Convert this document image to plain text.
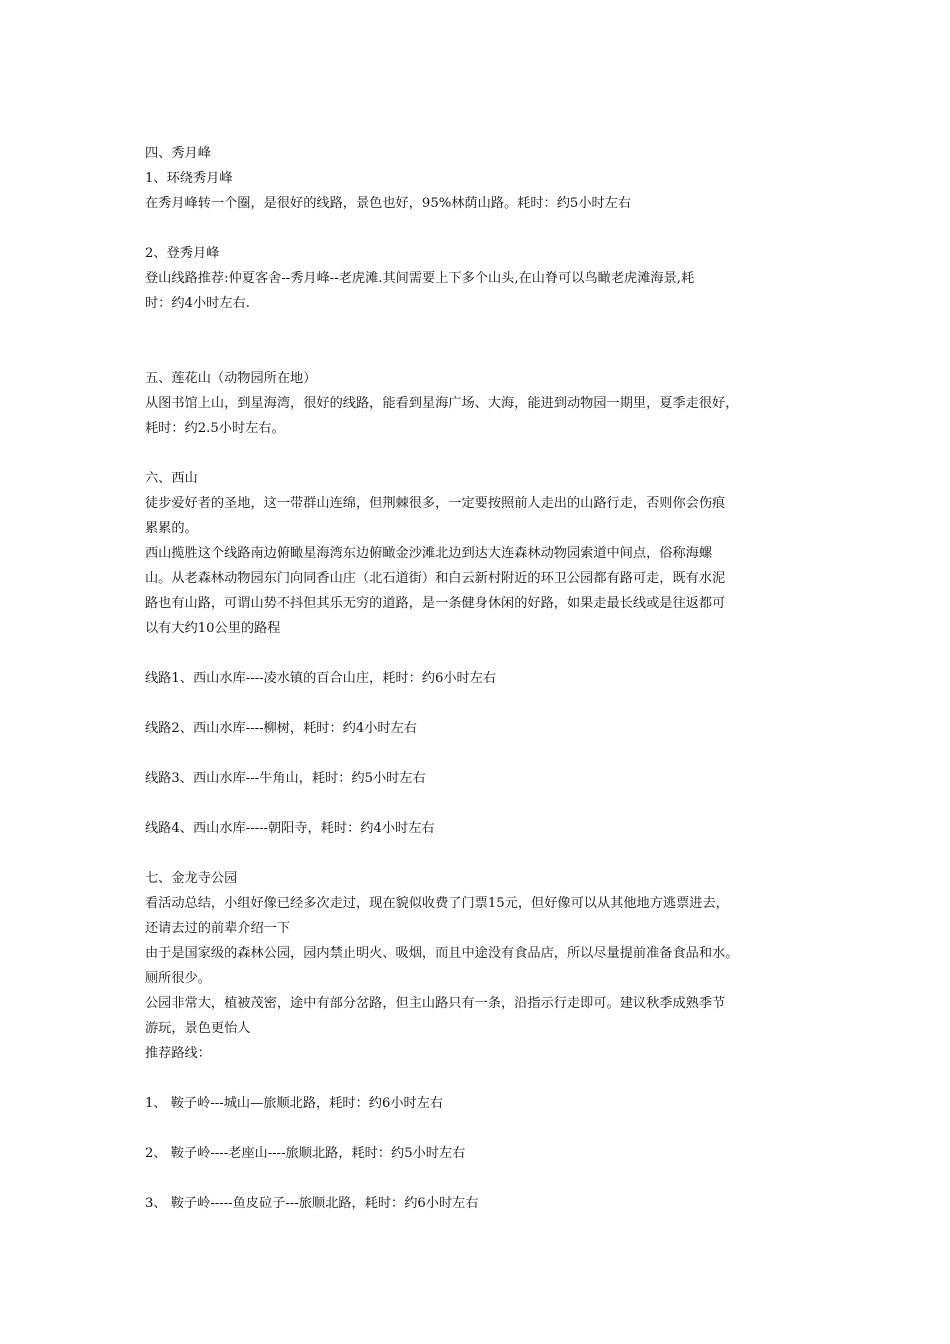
四、秀月峰
1、环绕秀月峰
在秀月峰转一个圈，是很好的线路，景色也好，95%林荫山路。耗时：约5小时左右
2、登秀月峰
登山线路推荐:仲夏客舍--秀月峰--老虎滩.其间需要上下多个山头,在山脊可以鸟瞰老虎滩海景,耗
时：约4小时左右.
五、莲花山（动物园所在地）
从图书馆上山，到星海湾，很好的线路，能看到星海广场、大海，能进到动物园一期里，夏季走很好，
耗时：约2.5小时左右。
六、西山
徒步爱好者的圣地，这一带群山连绵，但荆棘很多，一定要按照前人走出的山路行走，否则你会伤痕
累累的。
西山揽胜这个线路南边俯瞰星海湾东边俯瞰金沙滩北边到达大连森林动物园索道中间点，俗称海螺
山。从老森林动物园东门向同香山庄（北石道街）和白云新村附近的环卫公园都有路可走，既有水泥
路也有山路，可谓山势不抖但其乐无穷的道路，是一条健身休闲的好路，如果走最长线或是往返都可
以有大约10公里的路程
线路1、西山水库----凌水镇的百合山庄，耗时：约6小时左右
线路2、西山水库----柳树，耗时：约4小时左右
线路3、西山水库---牛角山，耗时：约5小时左右
线路4、西山水库-----朝阳寺，耗时：约4小时左右
七、金龙寺公园
看活动总结，小组好像已经多次走过，现在貌似收费了门票15元，但好像可以从其他地方逃票进去，
还请去过的前辈介绍一下
由于是国家级的森林公园，园内禁止明火、吸烟，而且中途没有食品店，所以尽量提前准备食品和水。
厕所很少。
公园非常大，植被茂密，途中有部分岔路，但主山路只有一条，沿指示行走即可。建议秋季成熟季节
游玩，景色更怡人
推荐路线：
1、 鞍子岭---城山—旅顺北路，耗时：约6小时左右
2、 鞍子岭----老座山----旅顺北路，耗时：约5小时左右
3、 鞍子岭-----鱼皮砬子---旅顺北路，耗时：约6小时左右
